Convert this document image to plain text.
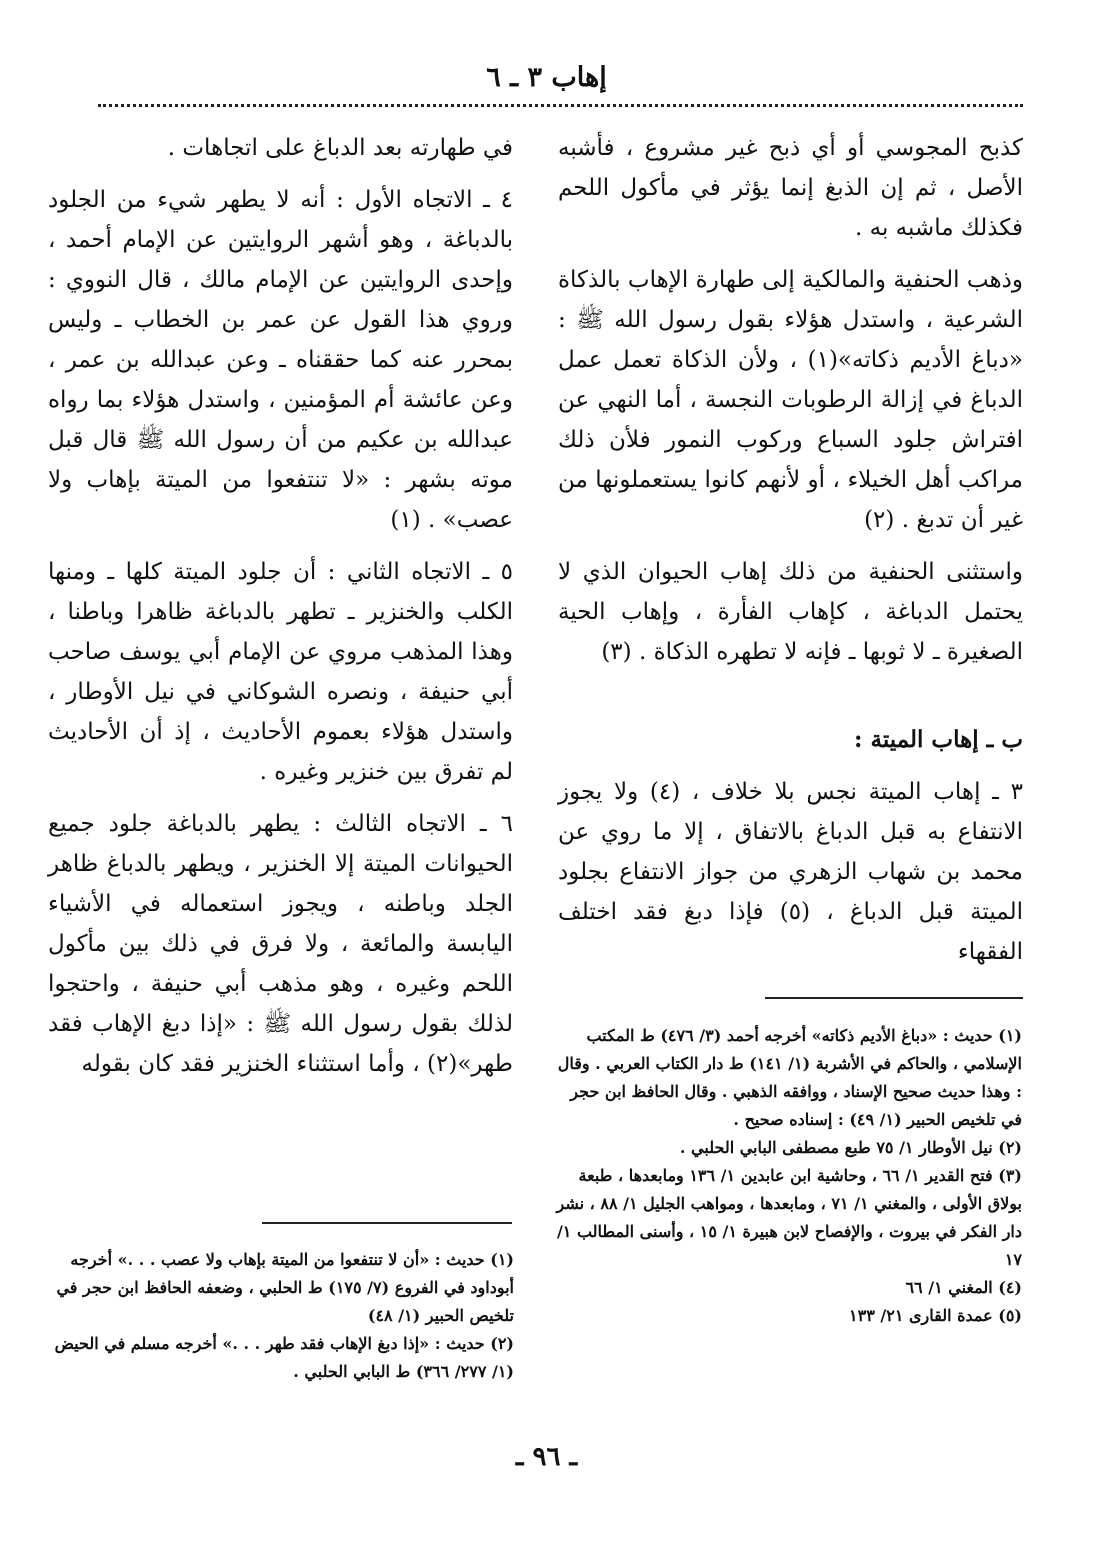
إهاب ٣ ـ ٦

كذبح المجوسي أو أي ذبح غير مشروع ، فأشبه الأصل ، ثم إن الذبغ إنما يؤثر في مأكول اللحم فكذلك ماشبه به .

وذهب الحنفية والمالكية إلى طهارة الإهاب بالذكاة الشرعية ، واستدل هؤلاء بقول رسول الله ﷺ : «دباغ الأديم ذكاته»(١) ، ولأن الذكاة تعمل عمل الدباغ في إزالة الرطوبات النجسة ، أما النهي عن افتراش جلود السباع وركوب النمور فلأن ذلك مراكب أهل الخيلاء ، أو لأنهم كانوا يستعملونها من غير أن تدبغ . (٢)

واستثنى الحنفية من ذلك إهاب الحيوان الذي لا يحتمل الدباغة ، كإهاب الفأرة ، وإهاب الحية الصغيرة ـ لا ثوبها ـ فإنه لا تطهره الذكاة . (٣)

ب ـ إهاب الميتة :

٣ ـ إهاب الميتة نجس بلا خلاف ، (٤) ولا يجوز الانتفاع به قبل الدباغ بالاتفاق ، إلا ما روي عن محمد بن شهاب الزهري من جواز الانتفاع بجلود الميتة قبل الدباغ ، (٥) فإذا دبغ فقد اختلف الفقهاء

في طهارته بعد الدباغ على اتجاهات .

٤ ـ الاتجاه الأول : أنه لا يطهر شيء من الجلود بالدباغة ، وهو أشهر الروايتين عن الإمام أحمد ، وإحدى الروايتين عن الإمام مالك ، قال النووي : وروي هذا القول عن عمر بن الخطاب ـ وليس بمحرر عنه كما حققناه ـ وعن عبدالله بن عمر ، وعن عائشة أم المؤمنين ، واستدل هؤلاء بما رواه عبدالله بن عكيم من أن رسول الله ﷺ قال قبل موته بشهر : «لا تنتفعوا من الميتة بإهاب ولا عصب» . (١)

٥ ـ الاتجاه الثاني : أن جلود الميتة كلها ـ ومنها الكلب والخنزير ـ تطهر بالدباغة ظاهرا وباطنا ، وهذا المذهب مروي عن الإمام أبي يوسف صاحب أبي حنيفة ، ونصره الشوكاني في نيل الأوطار ، واستدل هؤلاء بعموم الأحاديث ، إذ أن الأحاديث لم تفرق بين خنزير وغيره .

٦ ـ الاتجاه الثالث : يطهر بالدباغة جلود جميع الحيوانات الميتة إلا الخنزير ، ويطهر بالدباغ ظاهر الجلد وباطنه ، ويجوز استعماله في الأشياء اليابسة والمائعة ، ولا فرق في ذلك بين مأكول اللحم وغيره ، وهو مذهب أبي حنيفة ، واحتجوا لذلك بقول رسول الله ﷺ : «إذا دبغ الإهاب فقد طهر»(٢) ، وأما استثناء الخنزير فقد كان بقوله

(١) حديث : «دباغ الأديم ذكاته» أخرجه أحمد (٣/ ٤٧٦) ط المكتب الإسلامي ، والحاكم في الأشربة (١/ ١٤١) ط دار الكتاب العربي . وقال : وهذا حديث صحيح الإسناد ، ووافقه الذهبي . وقال الحافظ ابن حجر في تلخيص الحبير (١/ ٤٩) : إسناده صحيح .
(٢) نيل الأوطار ١/ ٧٥ طبع مصطفى البابي الحلبي .
(٣) فتح القدير ١/ ٦٦ ، وحاشية ابن عابدين ١/ ١٣٦ ومابعدها ، طبعة بولاق الأولى ، والمغني ١/ ٧١ ، ومابعدها ، ومواهب الجليل ١/ ٨٨ ، نشر دار الفكر في بيروت ، والإفصاح لابن هبيرة ١/ ١٥ ، وأسنى المطالب ١/ ١٧
(٤) المغني ١/ ٦٦
(٥) عمدة القارى ٢١/ ١٣٣
(١) حديث : «أن لا تنتفعوا من الميتة بإهاب ولا عصب . . .» أخرجه أبوداود في الفروع (٧/ ١٧٥) ط الحلبي ، وضعفه الحافظ ابن حجر في تلخيص الحبير (١/ ٤٨)
(٢) حديث : «إذا دبغ الإهاب فقد طهر . . .» أخرجه مسلم في الحيض (١/ ٢٧٧/ ٣٦٦) ط البابي الحلبي .
ـ ٩٦ ـ
